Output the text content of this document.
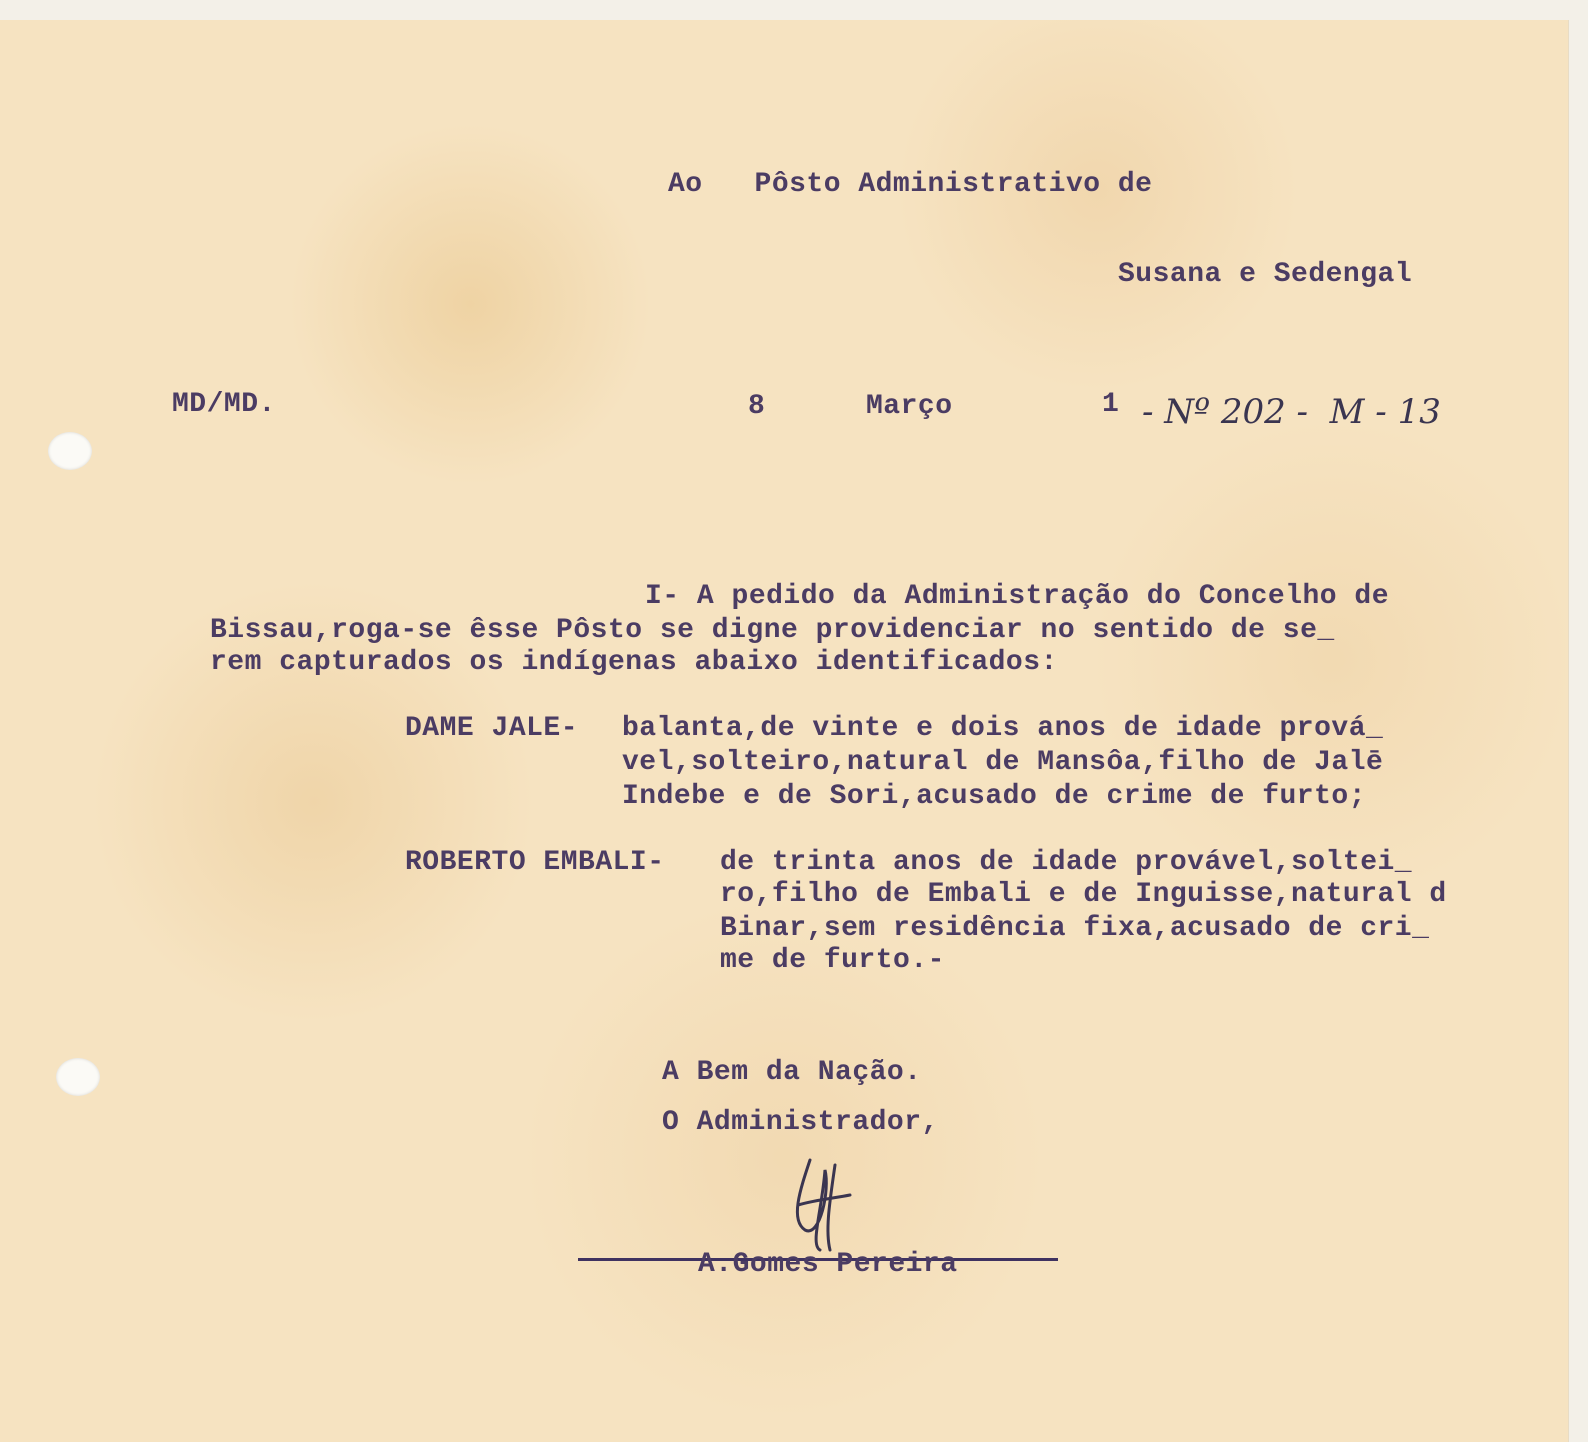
Ao   Pôsto Administrativo de

Susana e Sedengal

MD/MD.	8	Março	1 - Nº 202 -  M - 13

I- A pedido da Administração do Concelho de

Bissau,roga-se êsse Pôsto se digne providenciar no sentido de se_

rem capturados os indígenas abaixo identificados:

DAME JALE- balanta,de vinte e dois anos de idade prová_

vel,solteiro,natural de Mansôa,filho de Jalē

Indebe e de Sori,acusado de crime de furto;

ROBERTO EMBALI- de trinta anos de idade provável,soltei_

ro,filho de Embali e de Inguisse,natural d

Binar,sem residência fixa,acusado de cri_

me de furto.-

A Bem da Nação.

O Administrador,

A.Gomes Pereira
